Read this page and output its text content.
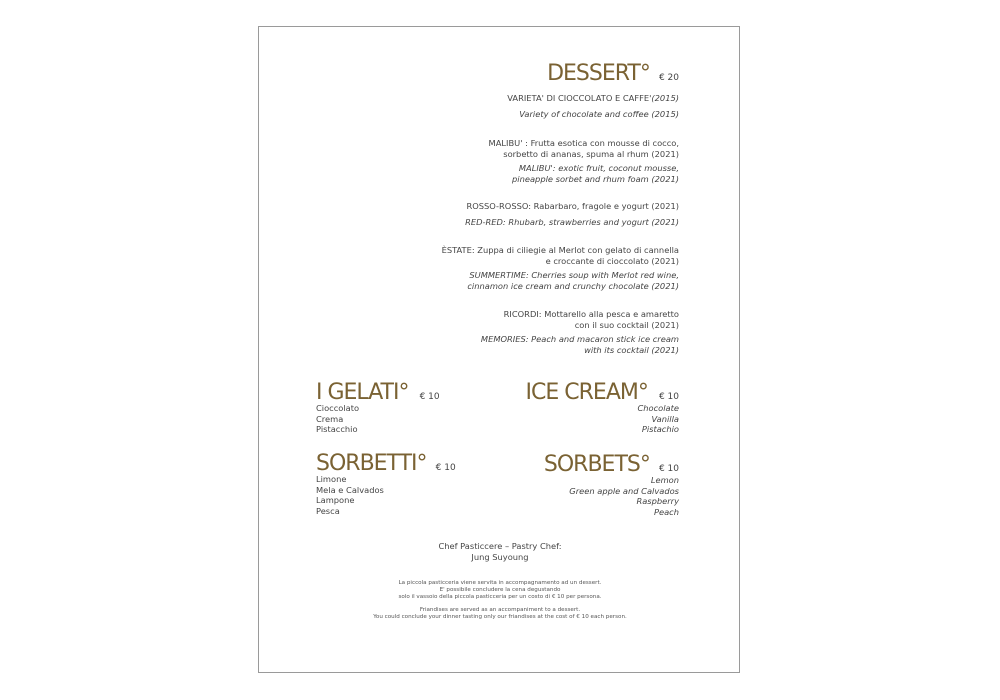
DESSERT° € 20
VARIETA' DI CIOCCOLATO E CAFFE'(2015)
Variety of chocolate and coffee (2015)
MALIBU' : Frutta esotica con mousse di cocco,
sorbetto di ananas, spuma al rhum (2021)
MALIBU': exotic fruit, coconut mousse,
pineapple sorbet and rhum foam (2021)
ROSSO-ROSSO: Rabarbaro, fragole e yogurt (2021)
RED-RED: Rhubarb, strawberries and yogurt (2021)
ÈSTATE: Zuppa di ciliegie al Merlot con gelato di cannella
e croccante di cioccolato (2021)
SUMMERTIME: Cherries soup with Merlot red wine,
cinnamon ice cream and crunchy chocolate (2021)
RICORDI: Mottarello alla pesca e amaretto
con il suo cocktail (2021)
MEMORIES: Peach and macaron stick ice cream
with its cocktail (2021)
I GELATI° € 10
Cioccolato
Crema
Pistacchio
ICE CREAM° € 10
Chocolate
Vanilla
Pistachio
SORBETTI° € 10
Limone
Mela e Calvados
Lampone
Pesca
SORBETS° € 10
Lemon
Green apple and Calvados
Raspberry
Peach
Chef Pasticcere – Pastry Chef:
Jung Suyoung
La piccola pasticceria viene servita in accompagnamento ad un dessert.
E' possibile concludere la cena degustando
solo il vassoio della piccola pasticceria per un costo di € 10 per persona.
Friandises are served as an accompaniment to a dessert.
You could conclude your dinner tasting only our friandises at the cost of € 10 each person.
